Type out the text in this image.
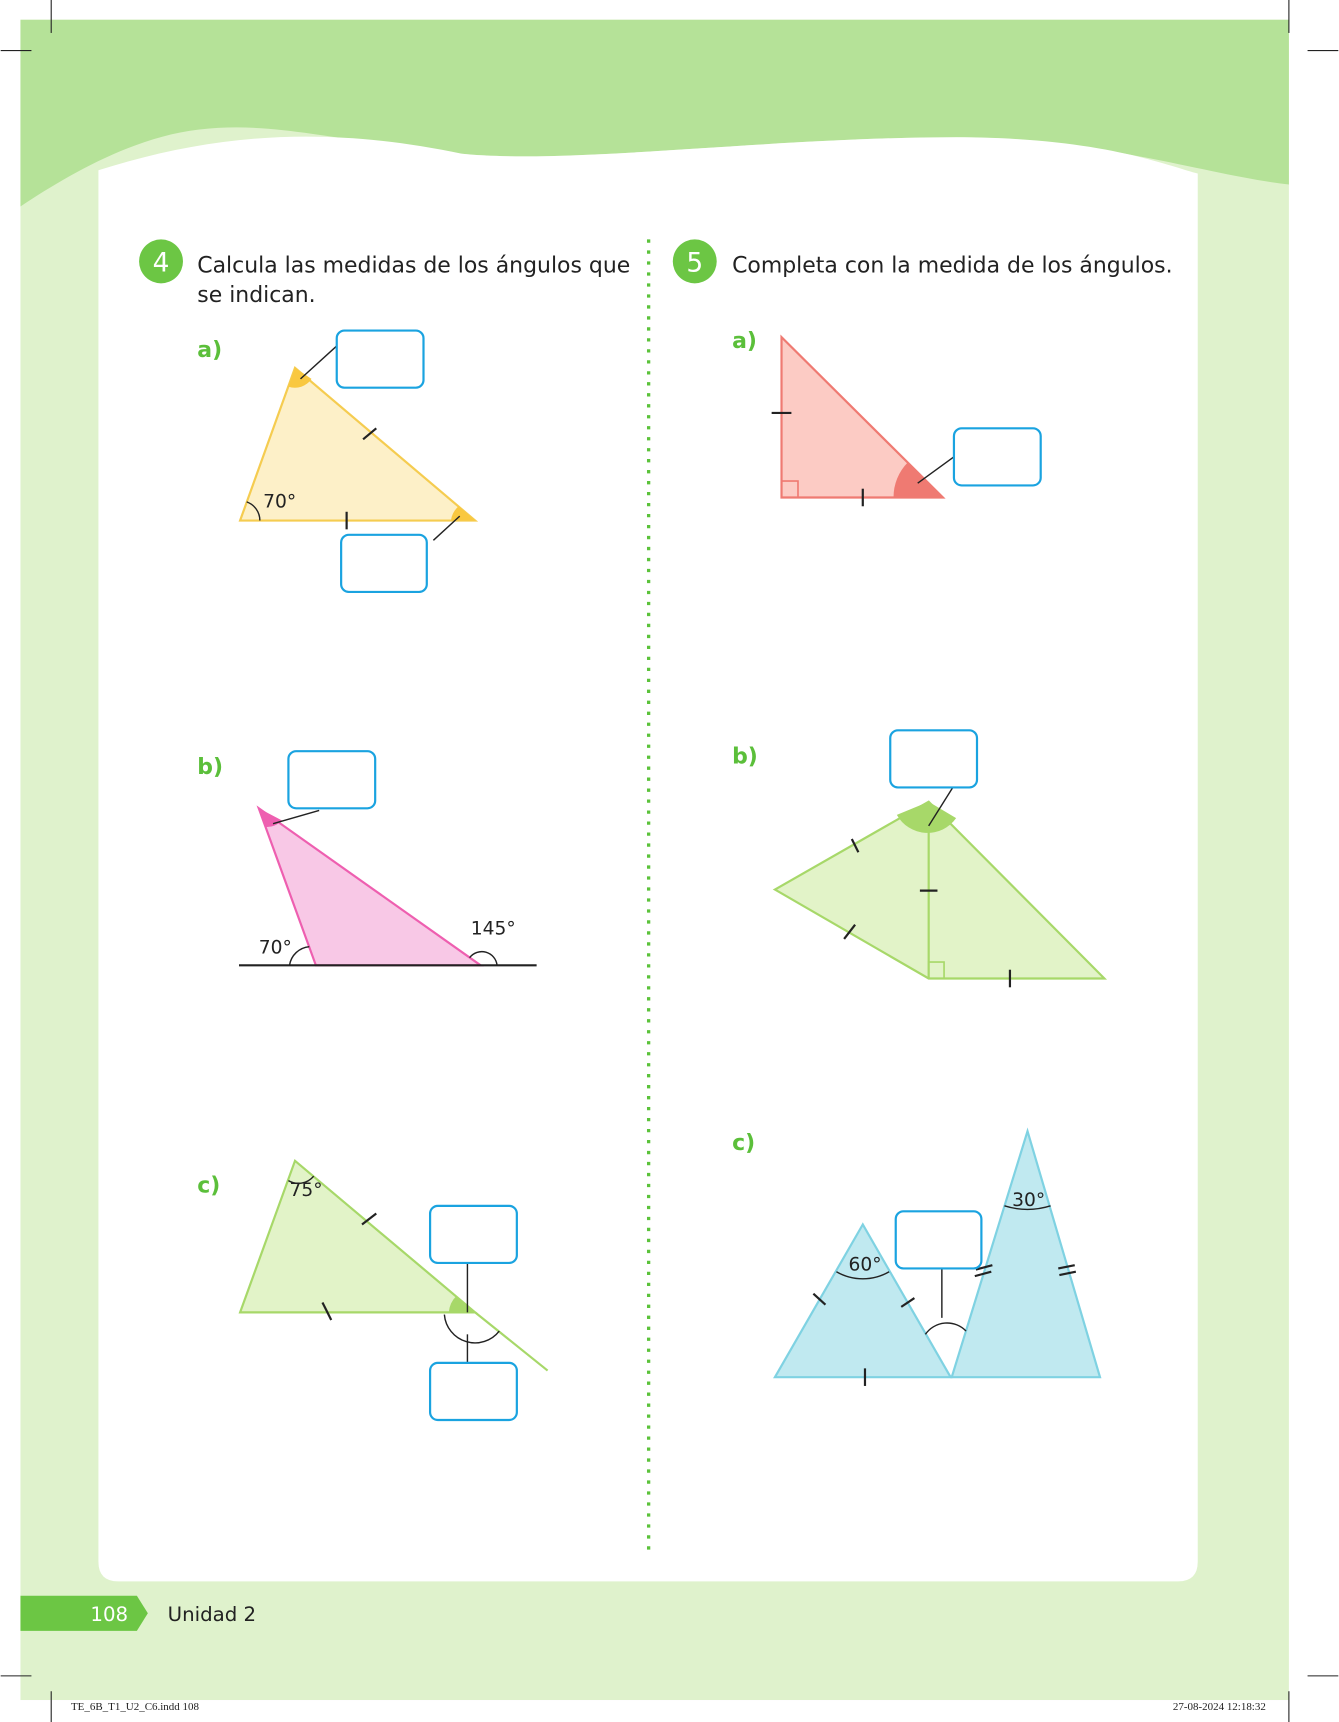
4 Calcula las medidas de los ángulos que
se indican.
a)
70°
b)
70°
145°
c)	75°
5 Completa con la medida de los ángulos.
a)
b)
c)
60°
30°
108 Unidad 2
TE_6B_T1_U2_C6.indd 108	27-08-2024 12:18:32
